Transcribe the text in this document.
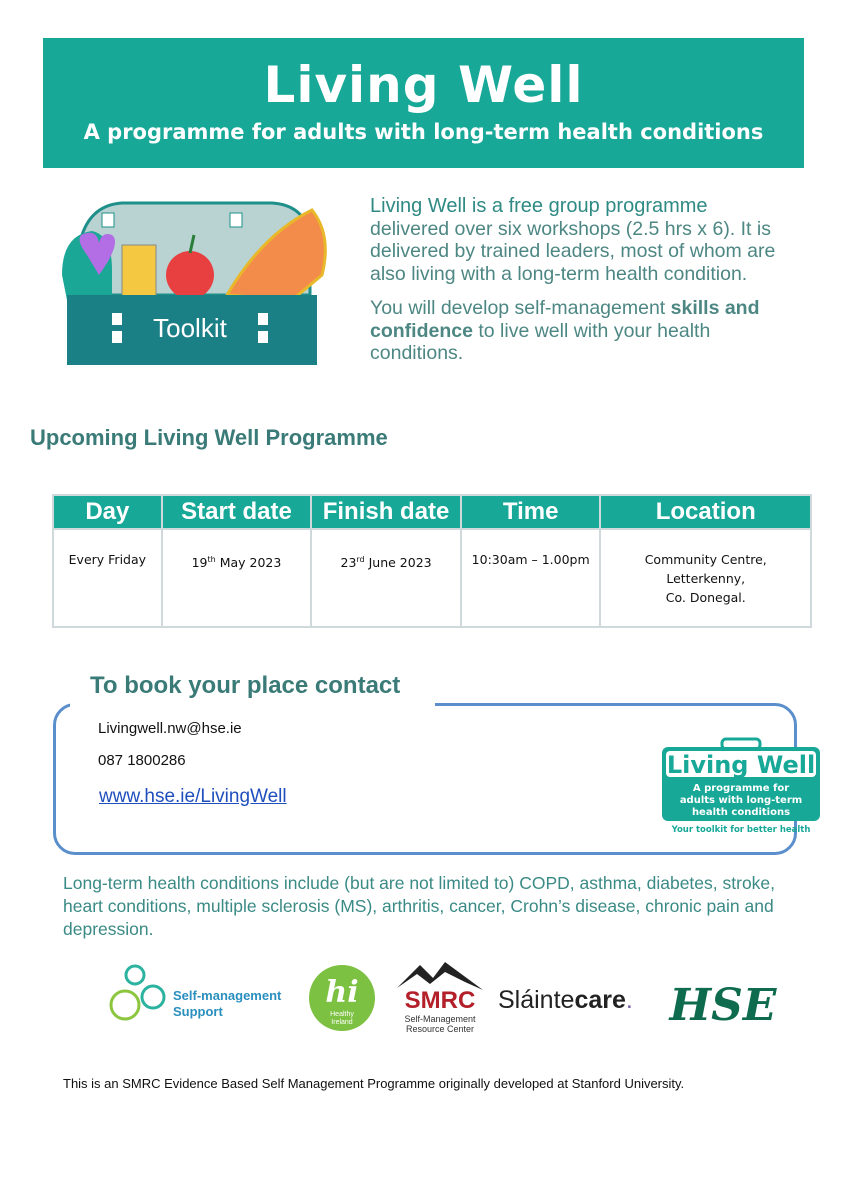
Living Well
A programme for adults with long-term health conditions
Toolkit

Living Well is a free group programme
delivered over six workshops (2.5 hrs x 6). It is delivered by trained leaders, most of whom are also living with a long-term health condition.

You will develop self-management skills and confidence to live well with your health conditions.

Upcoming Living Well Programme
Day	Start date	Finish date	Time	Location
Every Friday	19th May 2023	23rd June 2023	10:30am – 1.00pm	Community Centre,
Letterkenny,
Co. Donegal.
To book your place contact
Livingwell.nw@hse.ie
087 1800286
www.hse.ie/LivingWell
Living Well
A programme for
adults with long-term
health conditions
Your toolkit for better health
Long-term health conditions include (but are not limited to) COPD, asthma, diabetes, stroke, heart conditions, multiple sclerosis (MS), arthritis, cancer, Crohn’s disease, chronic pain and depression.
Self-management
Support
hi
Healthy
Ireland
SMRC
Self-Management
Resource Center
Sláintecare. HSE
This is an SMRC Evidence Based Self Management Programme originally developed at Stanford University.
